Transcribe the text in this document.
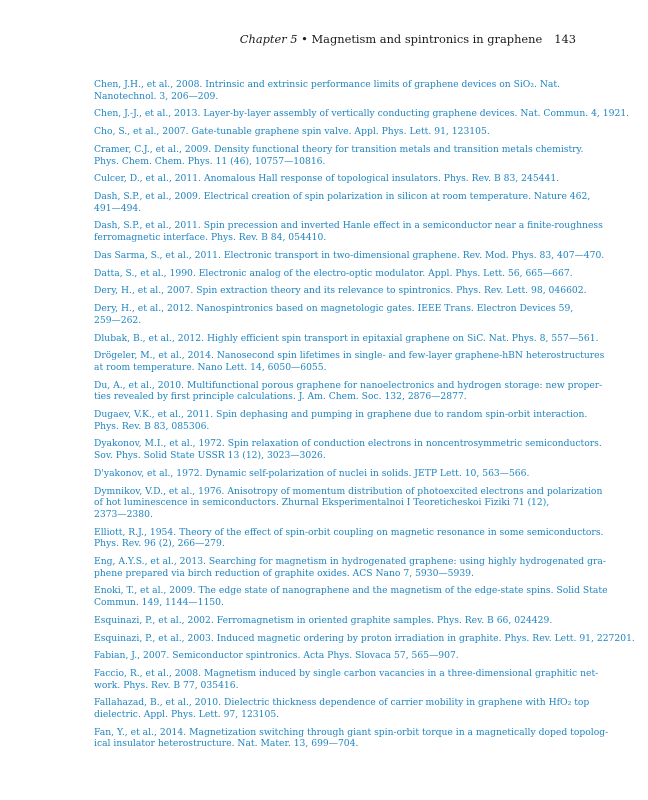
Chapter 5 • Magnetism and spintronics in graphene 143
Chen, J.H., et al., 2008. Intrinsic and extrinsic performance limits of graphene devices on SiO₂. Nat.
Nanotechnol. 3, 206—209.
Chen, J.-J., et al., 2013. Layer-by-layer assembly of vertically conducting graphene devices. Nat. Commun. 4, 1921.
Cho, S., et al., 2007. Gate-tunable graphene spin valve. Appl. Phys. Lett. 91, 123105.
Cramer, C.J., et al., 2009. Density functional theory for transition metals and transition metals chemistry.
Phys. Chem. Chem. Phys. 11 (46), 10757—10816.
Culcer, D., et al., 2011. Anomalous Hall response of topological insulators. Phys. Rev. B 83, 245441.
Dash, S.P., et al., 2009. Electrical creation of spin polarization in silicon at room temperature. Nature 462,
491—494.
Dash, S.P., et al., 2011. Spin precession and inverted Hanle effect in a semiconductor near a finite-roughness
ferromagnetic interface. Phys. Rev. B 84, 054410.
Das Sarma, S., et al., 2011. Electronic transport in two-dimensional graphene. Rev. Mod. Phys. 83, 407—470.
Datta, S., et al., 1990. Electronic analog of the electro-optic modulator. Appl. Phys. Lett. 56, 665—667.
Dery, H., et al., 2007. Spin extraction theory and its relevance to spintronics. Phys. Rev. Lett. 98, 046602.
Dery, H., et al., 2012. Nanospintronics based on magnetologic gates. IEEE Trans. Electron Devices 59,
259—262.
Dlubak, B., et al., 2012. Highly efficient spin transport in epitaxial graphene on SiC. Nat. Phys. 8, 557—561.
Drögeler, M., et al., 2014. Nanosecond spin lifetimes in single- and few-layer graphene-hBN heterostructures
at room temperature. Nano Lett. 14, 6050—6055.
Du, A., et al., 2010. Multifunctional porous graphene for nanoelectronics and hydrogen storage: new proper-
ties revealed by first principle calculations. J. Am. Chem. Soc. 132, 2876—2877.
Dugaev, V.K., et al., 2011. Spin dephasing and pumping in graphene due to random spin-orbit interaction.
Phys. Rev. B 83, 085306.
Dyakonov, M.I., et al., 1972. Spin relaxation of conduction electrons in noncentrosymmetric semiconductors.
Sov. Phys. Solid State USSR 13 (12), 3023—3026.
D'yakonov, et al., 1972. Dynamic self-polarization of nuclei in solids. JETP Lett. 10, 563—566.
Dymnikov, V.D., et al., 1976. Anisotropy of momentum distribution of photoexcited electrons and polarization
of hot luminescence in semiconductors. Zhurnal Eksperimentalnoi I Teoreticheskoi Fiziki 71 (12),
2373—2380.
Elliott, R.J., 1954. Theory of the effect of spin-orbit coupling on magnetic resonance in some semiconductors.
Phys. Rev. 96 (2), 266—279.
Eng, A.Y.S., et al., 2013. Searching for magnetism in hydrogenated graphene: using highly hydrogenated gra-
phene prepared via birch reduction of graphite oxides. ACS Nano 7, 5930—5939.
Enoki, T., et al., 2009. The edge state of nanographene and the magnetism of the edge-state spins. Solid State
Commun. 149, 1144—1150.
Esquinazi, P., et al., 2002. Ferromagnetism in oriented graphite samples. Phys. Rev. B 66, 024429.
Esquinazi, P., et al., 2003. Induced magnetic ordering by proton irradiation in graphite. Phys. Rev. Lett. 91, 227201.
Fabian, J., 2007. Semiconductor spintronics. Acta Phys. Slovaca 57, 565—907.
Faccio, R., et al., 2008. Magnetism induced by single carbon vacancies in a three-dimensional graphitic net-
work. Phys. Rev. B 77, 035416.
Fallahazad, B., et al., 2010. Dielectric thickness dependence of carrier mobility in graphene with HfO₂ top
dielectric. Appl. Phys. Lett. 97, 123105.
Fan, Y., et al., 2014. Magnetization switching through giant spin-orbit torque in a magnetically doped topolog-
ical insulator heterostructure. Nat. Mater. 13, 699—704.
